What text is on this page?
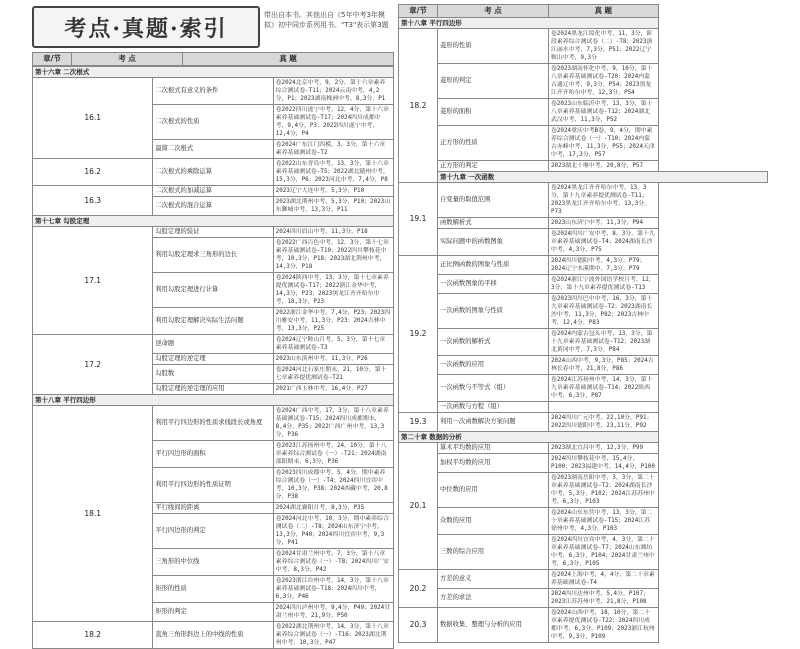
考点·真题·索引
带出自本书。其他出自《5年中考3年模拟》初中同步系列用书。"T3"表示第3题
章/节	考 点	真 题
第十六章 二次根式		
16.1	二次根式有意义的条件	卷2024北京中考，9，2分，第十六章素养综合测试卷-T11；2024云南中考，4,2分，P1；2023湖南株洲中考，8,3分，P1
	二次根式的性质	卷2022四川遂宁中考，12，4分，第十六章素养基础测试卷-T17；2024四川成都中考，9,4分，P3；2022四川遂宁中考，12,4分，P4
	最简二次根式	卷2024广东江门四模，3，3分，第十六章素养基础测试卷-T2
16.2	二次根式的乘除运算	卷2022山东青岛中考，13，3分，第十六章素养基础测试卷-T5；2022湖北随州中考，15,3分，P6；2023河北中考，7,4分，P8
16.3	二次根式的加减运算	2023辽宁大连中考，5,3分，P10
	二次根式的混合运算	2023湖北荆州中考，5,3分，P10；2023山东聊城中考，13,3分，P11
第十七章 勾股定理		
17.1	勾股定理的验证	2024四川眉山中考，11,3分，P18
	利用勾股定理求三角形的边长	卷2022广西百色中考，12，3分，第十七章素养基础测试卷-T10；2022四川攀枝花中考，10,3分，P18；2023湖北荆州中考，14,3分，P18
	利用勾股定理进行计算	卷2024陕西中考，13，3分，第十七章素养提优测试卷-T17；2022浙江金华中考，14,3分，P23；2023黑龙江齐齐哈尔中考，18,3分，P23
	利用勾股定理解决实际生活问题	2022浙江金华中考，7,4分，P23；2023四川雅安中考，11,3分，P23；2024吉林中考，13,3分，P25
17.2	逆命题	卷2024辽宁鞍山月考，5，3分，第十七章素养基础测试卷-T3
	勾股定理的逆定理	2023山东滨州中考，11,3分，P26
	勾股数	卷2024河北石家庄期末，21，10分，第十七章素养提优测试卷-T21
	勾股定理的逆定理的应用	2021广西玉林中考，16,4分，P27
第十八章 平行四边形		
18.1	利用平行四边形的性质求线段长或角度	卷2024广西中考，17，3分，第十八章素养基础测试卷-T15；2024四川成都期末，8,4分，P35；2022广西广州中考，13,3分，P36
	平行四边形的面积	卷2023江苏扬州中考，24，10分，第十八章素养综合测试卷（一）-T21；2024湖南邵阳期末，6,3分，P36
	利用平行四边形的性质证明	卷2023四川成都中考，5，4分，期中素养综合测试卷（一）-T4；2024四川宜宾中考，10,3分，P38；2024西藏中考，20,8分，P38
	平行线间的距离	2024湖北襄阳月考，8,3分，P35
	平行四边形的判定	卷2024河北中考，10，3分，期中素养综合测试卷（二）-T8；2024山东济宁中考，13,3分，P40；2024四川宜宾中考，9,3分，P41
	三角形的中位线	卷2024甘肃兰州中考，7，3分，第十八章素养综合测试卷（一）-T8；2024四川广安中考，8,3分，P42
	矩形的性质	卷2023浙江台州中考，14，3分，第十八章素养基础测试卷-T18；2024四川中考，6,3分，P46
	矩形的判定	2024四川泸州中考，9,4分，P49；2024甘肃兰州中考，21,9分，P50
18.2	直角三角形斜边上的中线的性质	卷2022湖北荆州中考，14，3分，第十八章素养综合测试卷（一）-T16；2023湖北荆州中考，10,3分，P47
章/节	考 点	真 题
第十八章 平行四边形		
18.2	菱形的性质	卷2024黑龙江绥化中考，11，3分，阶段素养综合测试卷（二）-T8；2023浙江丽水中考，7,3分，P51；2022辽宁鞍山中考，9,3分
	菱形的判定	卷2023湖南怀化中考，9，10分，第十八章素养基础测试卷-T20；2024内蒙古通辽中考，9,3分，P54；2023黑龙江齐齐哈尔中考，12,3分，P54
	菱形的面积	卷2023山东临沂中考，13，3分，第十八章素养基础测试卷-T12；2024湖北武汉中考，11,3分，P52
	正方形的性质	卷2024重庆中考B卷，9，4分，期中素养综合测试卷（一）-T10；2024内蒙古赤峰中考，11,3分，P55；2024天津中考，17,3分，P57
	正方形的判定	2023湖北十堰中考，20,8分，P57
	第十九章 一次函数	
19.1	自变量的取值范围	卷2024黑龙江齐齐哈尔中考，13，3分，第十九章素养提优测试卷-T11；2023黑龙江齐齐哈尔中考，13,3分，P73
	函数解析式	2023山东济宁中考，11,3分，P94
	实际问题中的函数图象	卷2024四川广安中考，8，3分，第十九章素养基础测试卷-T4；2024湖南长沙中考，4,3分，P75
19.2	正比例函数的图象与性质	2024四川德阳中考，4,3分，P79；2024辽宁本溪期中，7,3分，P79
	一次函数图象的平移	卷2024浙江宁波外国语学校月考，12，3分，第十九章素养提优测试卷-T13
	一次函数的图象与性质	卷2023四川巴中中考，16，3分，第十九章素养基础测试卷-T2；2023湖南长沙中考，11,3分，P82；2023吉林中考，12,4分，P83
	一次函数的解析式	卷2024内蒙古包头中考，13，3分，第十九章素养基础测试卷-T12；2023湖北黄冈中考，7,3分，P84
	一次函数的应用	2024山西中考，9,3分，P85；2024吉林长春中考，21,8分，P86
	一次函数与不等式（组）	卷2024江苏扬州中考，14，3分，第十九章素养基础测试卷-T14；2022陕西中考，6,3分，P87
	一次函数与方程（组）	
19.3	利用一次函数解决方案问题	2024四川广元中考，22,10分，P91；2022四川德阳中考，23,11分，P92
第二十章 数据的分析		
20.1	算术平均数的应用	2023湖北宜昌中考，12,3分，P99
	加权平均数的应用	2024四川攀枝花中考，15,4分，P100；2023福建中考，14,4分，P100
	中位数的应用	卷2023湖南岳阳中考，3，3分，第二十章素养基础测试卷-T2；2024湖南长沙中考，5,3分，P102；2024江苏苏州中考，6,3分，P103
	众数的应用	卷2024山东东营中考，13，3分，第二十章素养基础测试卷-T15；2024江苏徐州中考，4,3分，P103
	三数的综合应用	卷2024四川宜宾中考，4，3分，第二十章素养基础测试卷-T7；2024山东潍坊中考，6,3分，P104；2024甘肃兰州中考，6,3分，P105
20.2	方差的意义	卷2024上海中考，4，4分，第二十章素养基础测试卷-T4
	方差的求法	2024四川达州中考，5,4分，P107；2023江苏苏州中考，21,8分，P108
20.3	数据收集、整理与分析的应用	卷2024山西中考，18，10分，第二十章素养提优测试卷-T22；2024四川成都中考，6,3分，P109；2023浙江杭州中考，9,3分，P109
